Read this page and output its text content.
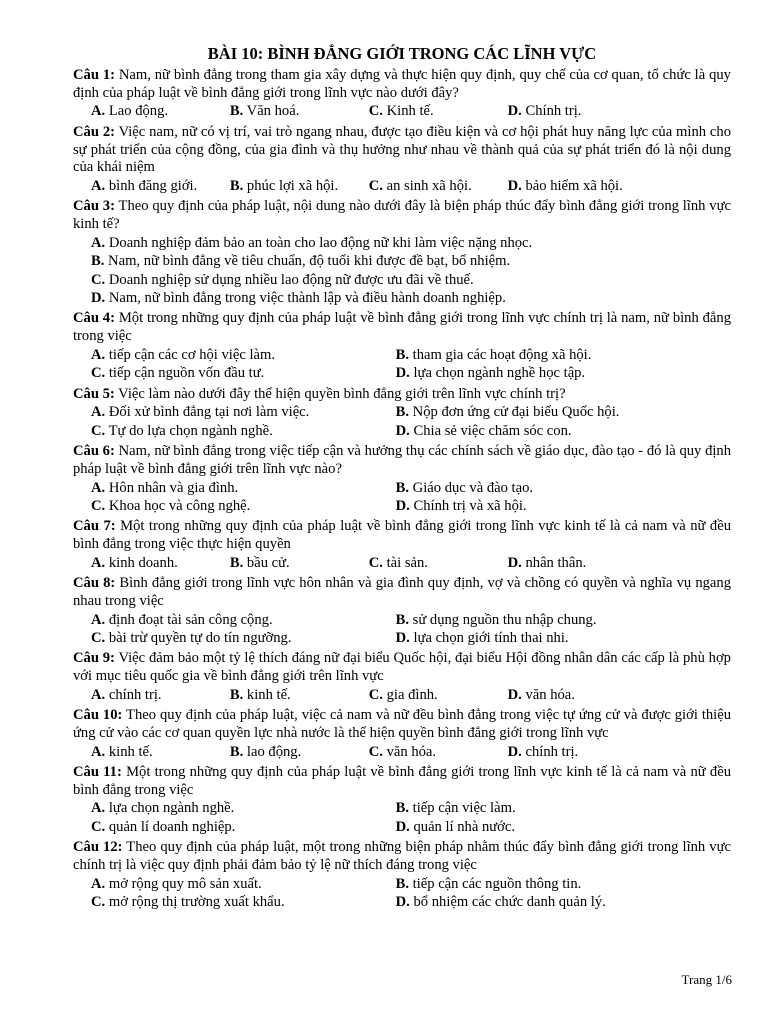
BÀI 10: BÌNH ĐẲNG GIỚI TRONG CÁC LĨNH VỰC
Câu 1: Nam, nữ bình đẳng trong tham gia xây dựng và thực hiện quy định, quy chế của cơ quan, tổ chức là quy định của pháp luật về bình đẳng giới trong lĩnh vực nào dưới đây?
A. Lao động.	B. Văn hoá.	C. Kinh tế.	D. Chính trị.
Câu 2: Việc nam, nữ có vị trí, vai trò ngang nhau, được tạo điều kiện và cơ hội phát huy năng lực của mình cho sự phát triển của cộng đồng, của gia đình và thụ hưởng như nhau về thành quả của sự phát triển đó là nội dung của khái niệm
A. bình đăng giới.	B. phúc lợi xã hội.	C. an sinh xã hội.	D. bảo hiểm xã hội.
Câu 3: Theo quy định của pháp luật, nội dung nào dưới đây là biện pháp thúc đẩy bình đẳng giới trong lĩnh vực kinh tế?
A. Doanh nghiệp đảm bảo an toàn cho lao động nữ khi làm việc nặng nhọc.
B. Nam, nữ bình đẳng về tiêu chuẩn, độ tuổi khi được đề bạt, bổ nhiệm.
C. Doanh nghiệp sử dụng nhiều lao động nữ được ưu đãi về thuế.
D. Nam, nữ bình đẳng trong việc thành lập và điều hành doanh nghiệp.
Câu 4: Một trong những quy định của pháp luật về bình đẳng giới trong lĩnh vực chính trị là nam, nữ bình đẳng trong việc
A. tiếp cận các cơ hội việc làm.	B. tham gia các hoạt động xã hội.
C. tiếp cận nguồn vốn đầu tư.	D. lựa chọn ngành nghề học tập.
Câu 5: Việc làm nào dưới đây thể hiện quyền bình đẳng giới trên lĩnh vực chính trị?
A. Đối xử bình đẳng tại nơi làm việc.	B. Nộp đơn ứng cử đại biểu Quốc hội.
C. Tự do lựa chọn ngành nghề.	D. Chia sẻ việc chăm sóc con.
Câu 6: Nam, nữ bình đẳng trong việc tiếp cận và hưởng thụ các chính sách về giáo dục, đào tạo - đó là quy định pháp luật về bình đẳng giới trên lĩnh vực nào?
A. Hôn nhân và gia đình.	B. Giáo dục và đào tạo.
C. Khoa học và công nghệ.	D. Chính trị và xã hội.
Câu 7: Một trong những quy định của pháp luật về bình đẳng giới trong lĩnh vực kinh tế là cả nam và nữ đều bình đẳng trong việc thực hiện quyền
A. kinh doanh.	B. bầu cử.	C. tài sản.	D. nhân thân.
Câu 8: Bình đẳng giới trong lĩnh vực hôn nhân và gia đình quy định, vợ và chồng có quyền và nghĩa vụ ngang nhau trong việc
A. định đoạt tài sản công cộng.	B. sử dụng nguồn thu nhập chung.
C. bài trừ quyền tự do tín ngưỡng.	D. lựa chọn giới tính thai nhi.
Câu 9: Việc đảm bảo một tỷ lệ thích đáng nữ đại biểu Quốc hội, đại biểu Hội đồng nhân dân các cấp là phù hợp với mục tiêu quốc gia về bình đẳng giới trên lĩnh vực
A. chính trị.	B. kinh tế.	C. gia đình.	D. văn hóa.
Câu 10: Theo quy định của pháp luật, việc cả nam và nữ đều bình đẳng trong việc tự ứng cử và được giới thiệu ứng cử vào các cơ quan quyền lực nhà nước là thể hiện quyền bình đẳng giới trong lĩnh vực
A. kinh tế.	B. lao động.	C. văn hóa.	D. chính trị.
Câu 11: Một trong những quy định của pháp luật về bình đẳng giới trong lĩnh vực kinh tế là cả nam và nữ đều bình đẳng trong việc
A. lựa chọn ngành nghề.	B. tiếp cận việc làm.
C. quản lí doanh nghiệp.	D. quản lí nhà nước.
Câu 12: Theo quy định của pháp luật, một trong những biện pháp nhằm thúc đẩy bình đẳng giới trong lĩnh vực chính trị là việc quy định phải đảm bảo tỷ lệ nữ thích đáng trong việc
A. mở rộng quy mô sản xuất.	B. tiếp cận các nguồn thông tin.
C. mở rộng thị trường xuất khẩu.	D. bổ nhiệm các chức danh quản lý.
Trang 1/6
